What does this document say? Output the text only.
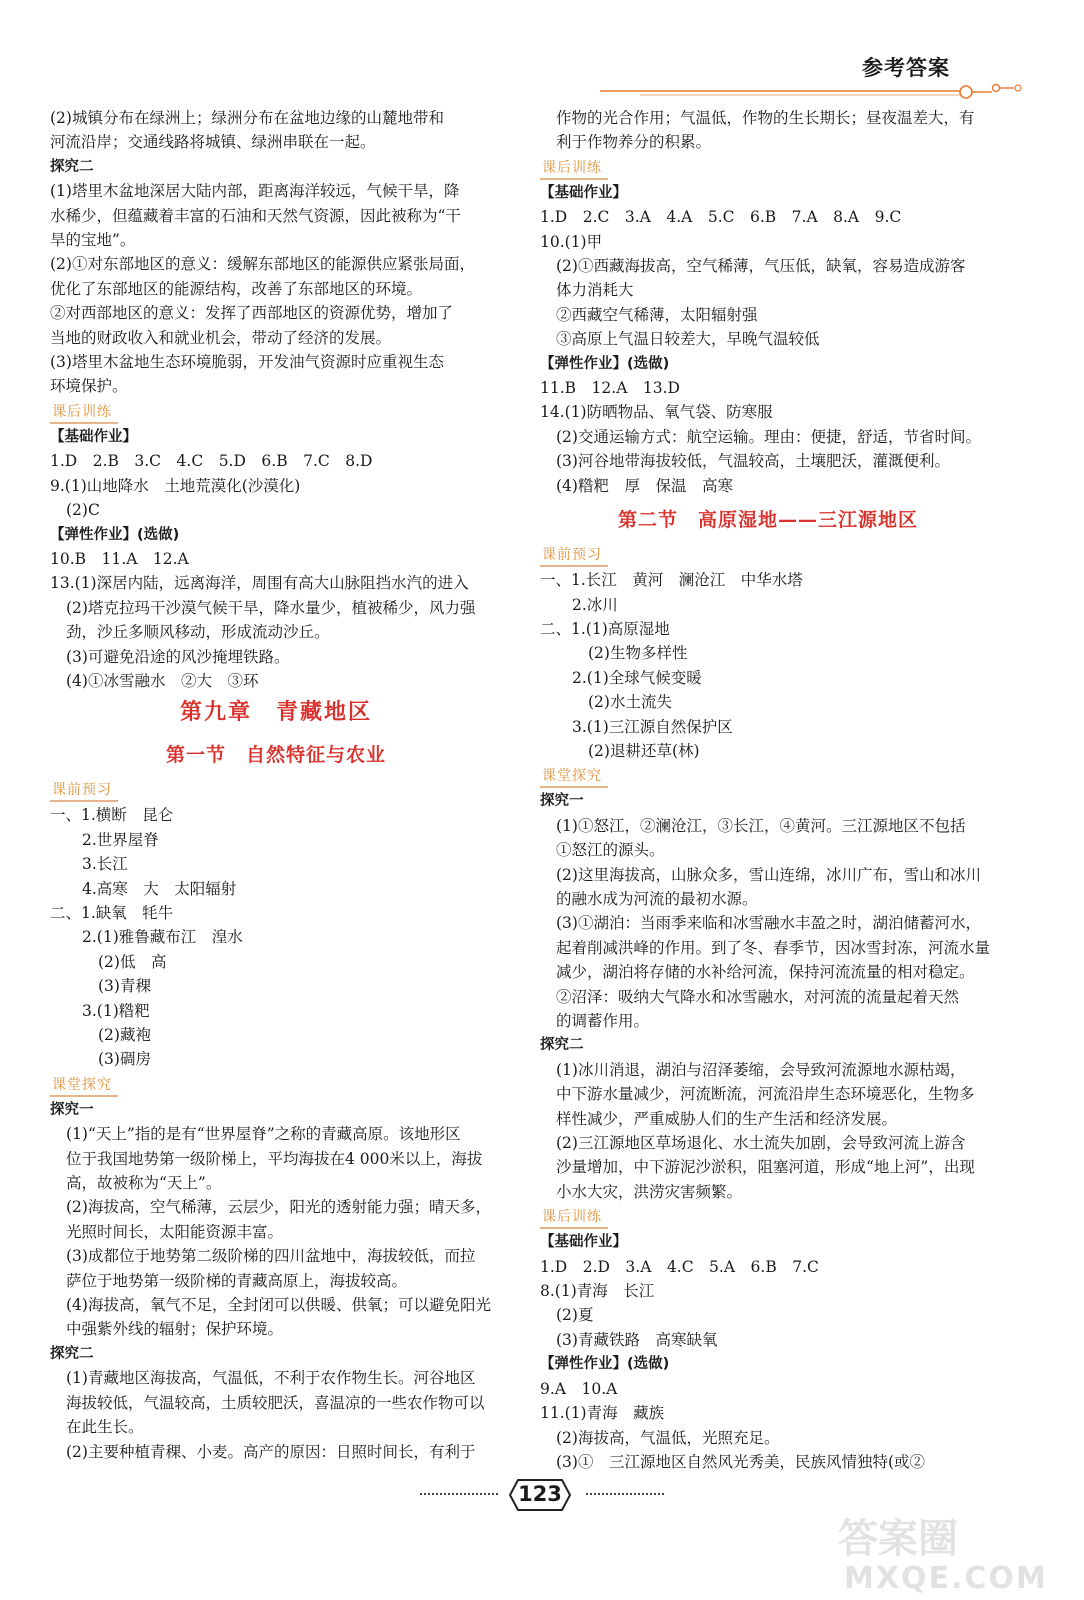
参考答案
(2)城镇分布在绿洲上；绿洲分布在盆地边缘的山麓地带和
河流沿岸；交通线路将城镇、绿洲串联在一起。
探究二
(1)塔里木盆地深居大陆内部，距离海洋较远，气候干旱，降
水稀少，但蕴藏着丰富的石油和天然气资源，因此被称为“干
旱的宝地”。
(2)①对东部地区的意义：缓解东部地区的能源供应紧张局面，
优化了东部地区的能源结构，改善了东部地区的环境。
②对西部地区的意义：发挥了西部地区的资源优势，增加了
当地的财政收入和就业机会，带动了经济的发展。
(3)塔里木盆地生态环境脆弱，开发油气资源时应重视生态
环境保护。
课后训练
【基础作业】
1.D　2.B　3.C　4.C　5.D　6.B　7.C　8.D
9.(1)山地降水　土地荒漠化(沙漠化)
(2)C
【弹性作业】(选做)
10.B　11.A　12.A
13.(1)深居内陆，远离海洋，周围有高大山脉阻挡水汽的进入
(2)塔克拉玛干沙漠气候干旱，降水量少，植被稀少，风力强
劲，沙丘多顺风移动，形成流动沙丘。
(3)可避免沿途的风沙掩埋铁路。
(4)①冰雪融水　②大　③环
第九章　青藏地区
第一节　自然特征与农业
课前预习
一、1.横断　昆仑
2.世界屋脊
3.长江
4.高寒　大　太阳辐射
二、1.缺氧　牦牛
2.(1)雅鲁藏布江　湟水
(2)低　高
(3)青稞
3.(1)糌粑
(2)藏袍
(3)碉房
课堂探究
探究一
(1)“天上”指的是有“世界屋脊”之称的青藏高原。该地形区
位于我国地势第一级阶梯上，平均海拔在4 000米以上，海拔
高，故被称为“天上”。
(2)海拔高，空气稀薄，云层少，阳光的透射能力强；晴天多，
光照时间长，太阳能资源丰富。
(3)成都位于地势第二级阶梯的四川盆地中，海拔较低，而拉
萨位于地势第一级阶梯的青藏高原上，海拔较高。
(4)海拔高，氧气不足，全封闭可以供暖、供氧；可以避免阳光
中强紫外线的辐射；保护环境。
探究二
(1)青藏地区海拔高，气温低，不利于农作物生长。河谷地区
海拔较低，气温较高，土质较肥沃，喜温凉的一些农作物可以
在此生长。
(2)主要种植青稞、小麦。高产的原因：日照时间长，有利于
作物的光合作用；气温低，作物的生长期长；昼夜温差大，有
利于作物养分的积累。
课后训练
【基础作业】
1.D　2.C　3.A　4.A　5.C　6.B　7.A　8.A　9.C
10.(1)甲
(2)①西藏海拔高，空气稀薄，气压低，缺氧，容易造成游客
体力消耗大
②西藏空气稀薄，太阳辐射强
③高原上气温日较差大，早晚气温较低
【弹性作业】(选做)
11.B　12.A　13.D
14.(1)防晒物品、氧气袋、防寒服
(2)交通运输方式：航空运输。理由：便捷，舒适，节省时间。
(3)河谷地带海拔较低，气温较高，土壤肥沃，灌溉便利。
(4)糌粑　厚　保温　高寒
第二节　高原湿地——三江源地区
课前预习
一、1.长江　黄河　澜沧江　中华水塔
2.冰川
二、1.(1)高原湿地
(2)生物多样性
2.(1)全球气候变暖
(2)水土流失
3.(1)三江源自然保护区
(2)退耕还草(林)
课堂探究
探究一
(1)①怒江，②澜沧江，③长江，④黄河。三江源地区不包括
①怒江的源头。
(2)这里海拔高，山脉众多，雪山连绵，冰川广布，雪山和冰川
的融水成为河流的最初水源。
(3)①湖泊：当雨季来临和冰雪融水丰盈之时，湖泊储蓄河水，
起着削减洪峰的作用。到了冬、春季节，因冰雪封冻，河流水量
减少，湖泊将存储的水补给河流，保持河流流量的相对稳定。
②沼泽：吸纳大气降水和冰雪融水，对河流的流量起着天然
的调蓄作用。
探究二
(1)冰川消退，湖泊与沼泽萎缩，会导致河流源地水源枯竭，
中下游水量减少，河流断流，河流沿岸生态环境恶化，生物多
样性减少，严重威胁人们的生产生活和经济发展。
(2)三江源地区草场退化、水土流失加剧，会导致河流上游含
沙量增加，中下游泥沙淤积，阻塞河道，形成“地上河”，出现
小水大灾，洪涝灾害频繁。
课后训练
【基础作业】
1.D　2.D　3.A　4.C　5.A　6.B　7.C
8.(1)青海　长江
(2)夏
(3)青藏铁路　高寒缺氧
【弹性作业】(选做)
9.A　10.A
11.(1)青海　藏族
(2)海拔高，气温低，光照充足。
(3)①　三江源地区自然风光秀美，民族风情独特(或②
123
答案圈
MXQE.COM
